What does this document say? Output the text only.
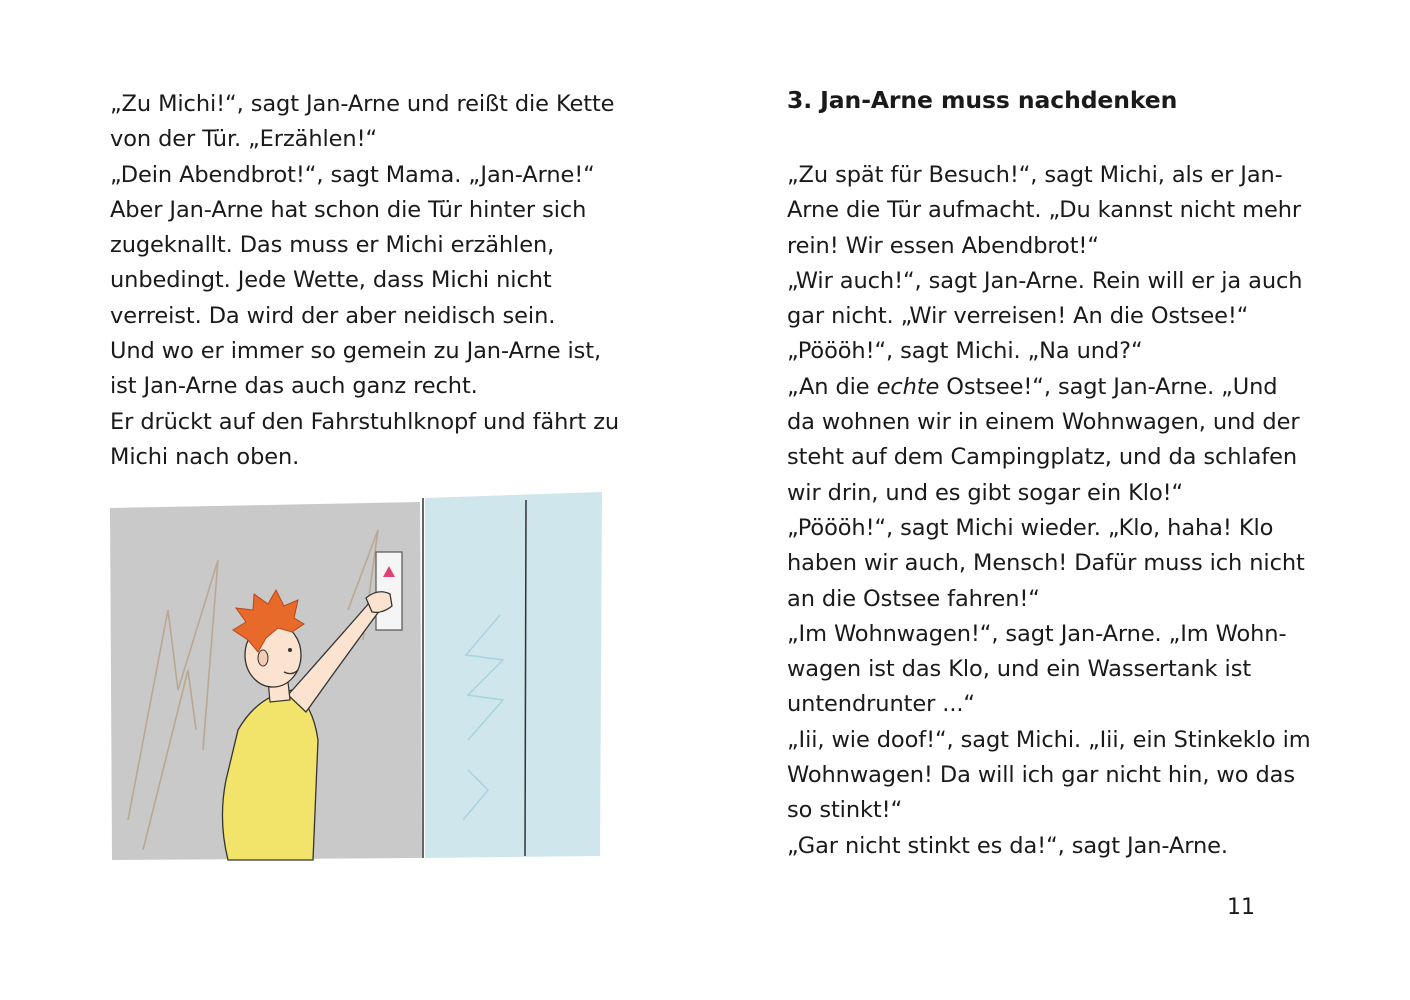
„Zu Michi!“, sagt Jan-Arne und reißt die Kette
von der Tür. „Erzählen!“
„Dein Abendbrot!“, sagt Mama. „Jan-Arne!“
Aber Jan-Arne hat schon die Tür hinter sich
zugeknallt. Das muss er Michi erzählen,
unbedingt. Jede Wette, dass Michi nicht
verreist. Da wird der aber neidisch sein.
Und wo er immer so gemein zu Jan-Arne ist,
ist Jan-Arne das auch ganz recht.
Er drückt auf den Fahrstuhlknopf und fährt zu
Michi nach oben.
3. Jan-Arne muss nachdenken
„Zu spät für Besuch!“, sagt Michi, als er Jan-
Arne die Tür aufmacht. „Du kannst nicht mehr
rein! Wir essen Abendbrot!“
„Wir auch!“, sagt Jan-Arne. Rein will er ja auch
gar nicht. „Wir verreisen! An die Ostsee!“
„Pöööh!“, sagt Michi. „Na und?“
„An die echte Ostsee!“, sagt Jan-Arne. „Und
da wohnen wir in einem Wohnwagen, und der
steht auf dem Campingplatz, und da schlafen
wir drin, und es gibt sogar ein Klo!“
„Pöööh!“, sagt Michi wieder. „Klo, haha! Klo
haben wir auch, Mensch! Dafür muss ich nicht
an die Ostsee fahren!“
„Im Wohnwagen!“, sagt Jan-Arne. „Im Wohn-
wagen ist das Klo, und ein Wassertank ist
untendrunter ...“
„Iii, wie doof!“, sagt Michi. „Iii, ein Stinkeklo im
Wohnwagen! Da will ich gar nicht hin, wo das
so stinkt!“
„Gar nicht stinkt es da!“, sagt Jan-Arne.
11
